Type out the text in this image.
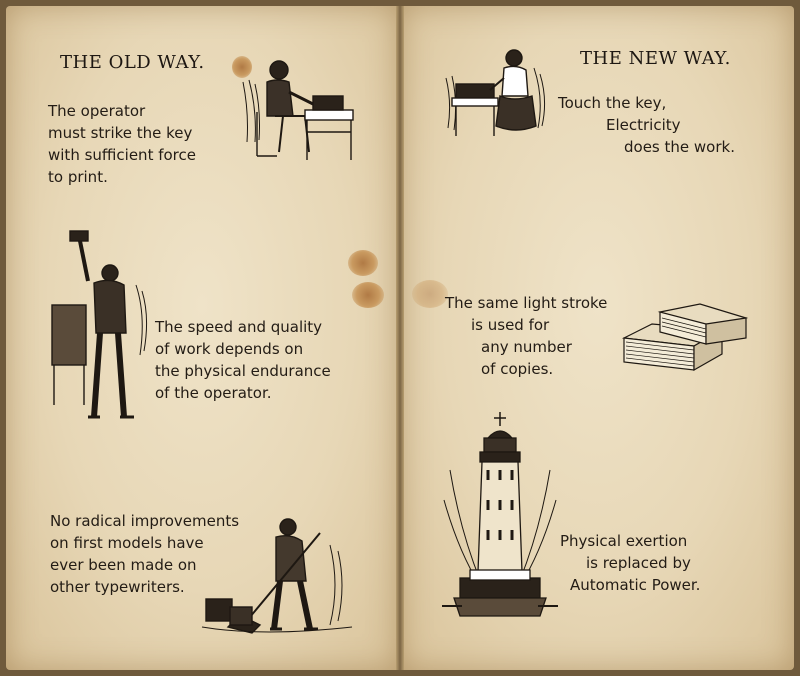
THE OLD WAY.
The operator
must strike the key
with sufficient force
to print.
The speed and quality
of work depends on
the physical endurance
of the operator.
No radical improvements
on first models have
ever been made on
other typewriters.
THE NEW WAY.
Touch the key,
Electricity
does the work.
The same light stroke
is used for
any number
of copies.
Physical exertion
is replaced by
Automatic Power.
